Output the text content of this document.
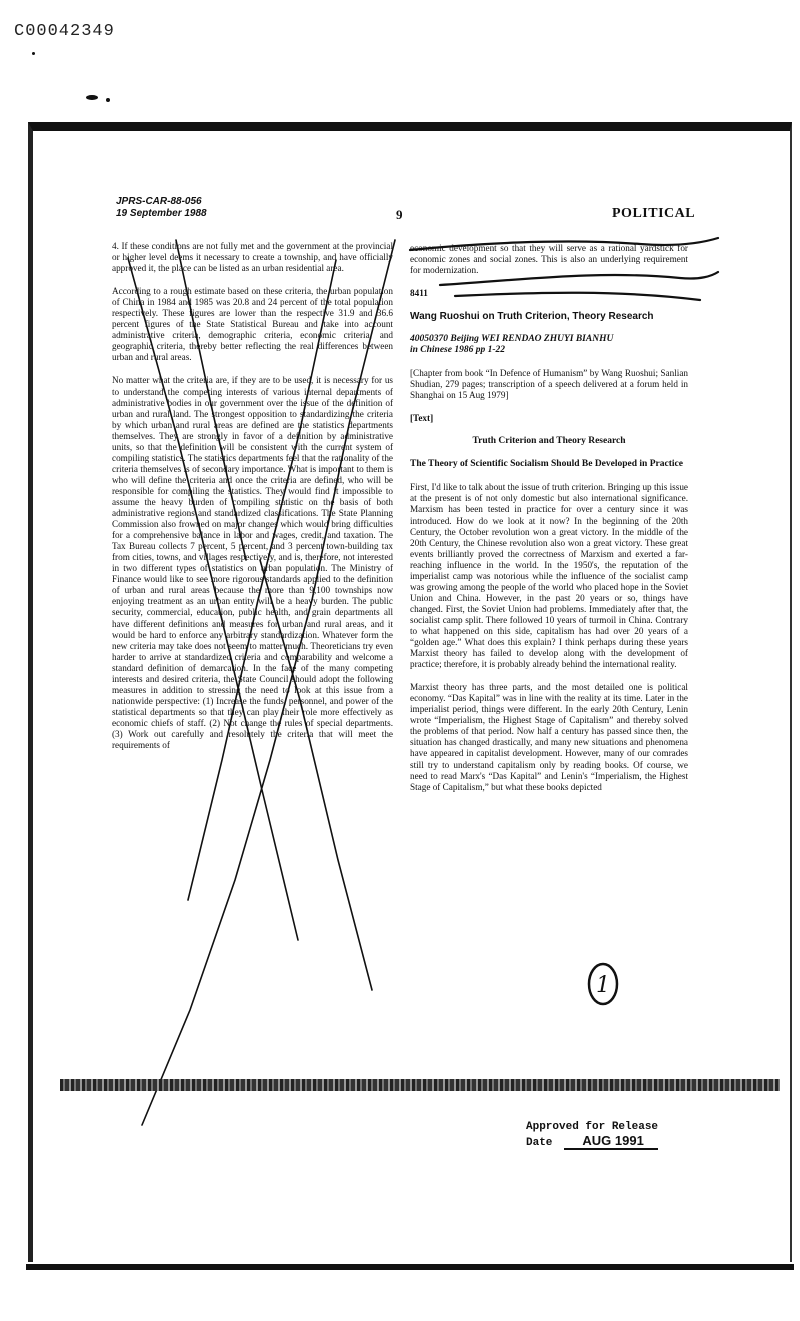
C00042349
JPRS-CAR-88-056
19 September 1988	9	POLITICAL

4. If these conditions are not fully met and the government at the provincial or higher level deems it necessary to create a township, and have officially approved it, the place can be listed as an urban residential area.

According to a rough estimate based on these criteria, the urban population of China in 1984 and 1985 was 20.8 and 24 percent of the total population respectively. These figures are lower than the respective 31.9 and 36.6 percent figures of the State Statistical Bureau and take into account administrative criteria, demographic criteria, economic criteria, and geographic criteria, thereby better reflecting the real differences between urban and rural areas.

No matter what the criteria are, if they are to be used, it is necessary for us to understand the competing interests of various internal departments of administrative bodies in our government over the issue of the definition of urban and rural land. The strongest opposition to standardizing the criteria by which urban and rural areas are defined are the statistics departments themselves. They are strongly in favor of a definition by administrative units, so that the definition will be consistent with the current system of compiling statistics. The statistics departments feel that the rationality of the criteria themselves is of secondary importance. What is important to them is who will define the criteria and once the criteria are defined, who will be responsible for compiling the statistics. They would find it impossible to assume the heavy burden of compiling statistic on the basis of both administrative regions and standardized classifications. The State Planning Commission also frowned on major changes which would bring difficulties for a comprehensive balance in labor and wages, credit, and taxation. The Tax Bureau collects 7 percent, 5 percent, and 3 percent town-building tax from cities, towns, and villages respectively, and is, therefore, not interested in two different types of statistics on urban population. The Ministry of Finance would like to see more rigorous standards applied to the definition of urban and rural areas because the more than 9,100 townships now enjoying treatment as an urban entity will be a heavy burden. The public security, commercial, education, public health, and grain departments all have different definitions and measures for urban and rural areas, and it would be hard to enforce any arbitrary standardization. Whatever form the new criteria may take does not seem to matter much. Theoreticians try even harder to arrive at standardized criteria and comparability and welcome a standard definition of demarcation. In the face of the many competing interests and desired criteria, the State Council should adopt the following measures in addition to stressing the need to look at this issue from a nationwide perspective: (1) Increase the funds, personnel, and power of the statistical departments so that they can play their role more effectively as economic chiefs of staff. (2) Not change the rules of special departments. (3) Work out carefully and resolutely the criteria that will meet the requirements of

economic development so that they will serve as a rational yardstick for economic zones and social zones. This is also an underlying requirement for modernization.

8411

Wang Ruoshui on Truth Criterion, Theory Research

40050370 Beijing WEI RENDAO ZHUYI BIANHU
in Chinese 1986 pp 1-22

[Chapter from book “In Defence of Humanism” by Wang Ruoshui; Sanlian Shudian, 279 pages; transcription of a speech delivered at a forum held in Shanghai on 15 Aug 1979]

[Text]

Truth Criterion and Theory Research

The Theory of Scientific Socialism Should Be Developed in Practice

First, I'd like to talk about the issue of truth criterion. Bringing up this issue at the present is of not only domestic but also international significance. Marxism has been tested in practice for over a century since it was introduced. How do we look at it now? In the beginning of the 20th Century, the October revolution won a great victory. In the middle of the 20th Century, the Chinese revolution also won a great victory. These great events brilliantly proved the correctness of Marxism and exerted a far-reaching influence in the world. In the 1950's, the reputation of the imperialist camp was notorious while the influence of the socialist camp was growing among the people of the world who placed hope in the Soviet Union and China. However, in the past 20 years or so, things have changed. First, the Soviet Union had problems. Immediately after that, the socialist camp split. There followed 10 years of turmoil in China. Contrary to what happened on this side, capitalism has had over 20 years of a “golden age.” What does this explain? I think perhaps during these years Marxist theory has failed to develop along with the development of practice; therefore, it is probably already behind the international reality.

Marxist theory has three parts, and the most detailed one is political economy. “Das Kapital” was in line with the reality at its time. Later in the imperialist period, things were different. In the early 20th Century, Lenin wrote “Imperialism, the Highest Stage of Capitalism” and thereby solved the problems of that period. Now half a century has passed since then, the situation has changed drastically, and many new situations and phenomena have appeared in capitalist development. However, many of our comrades still try to understand capitalism only by reading books. Of course, we need to read Marx's “Das Kapital” and Lenin's “Imperialism, the Highest Stage of Capitalism,” but what these books depicted

1
Approved for Release
Date	AUG 1991
